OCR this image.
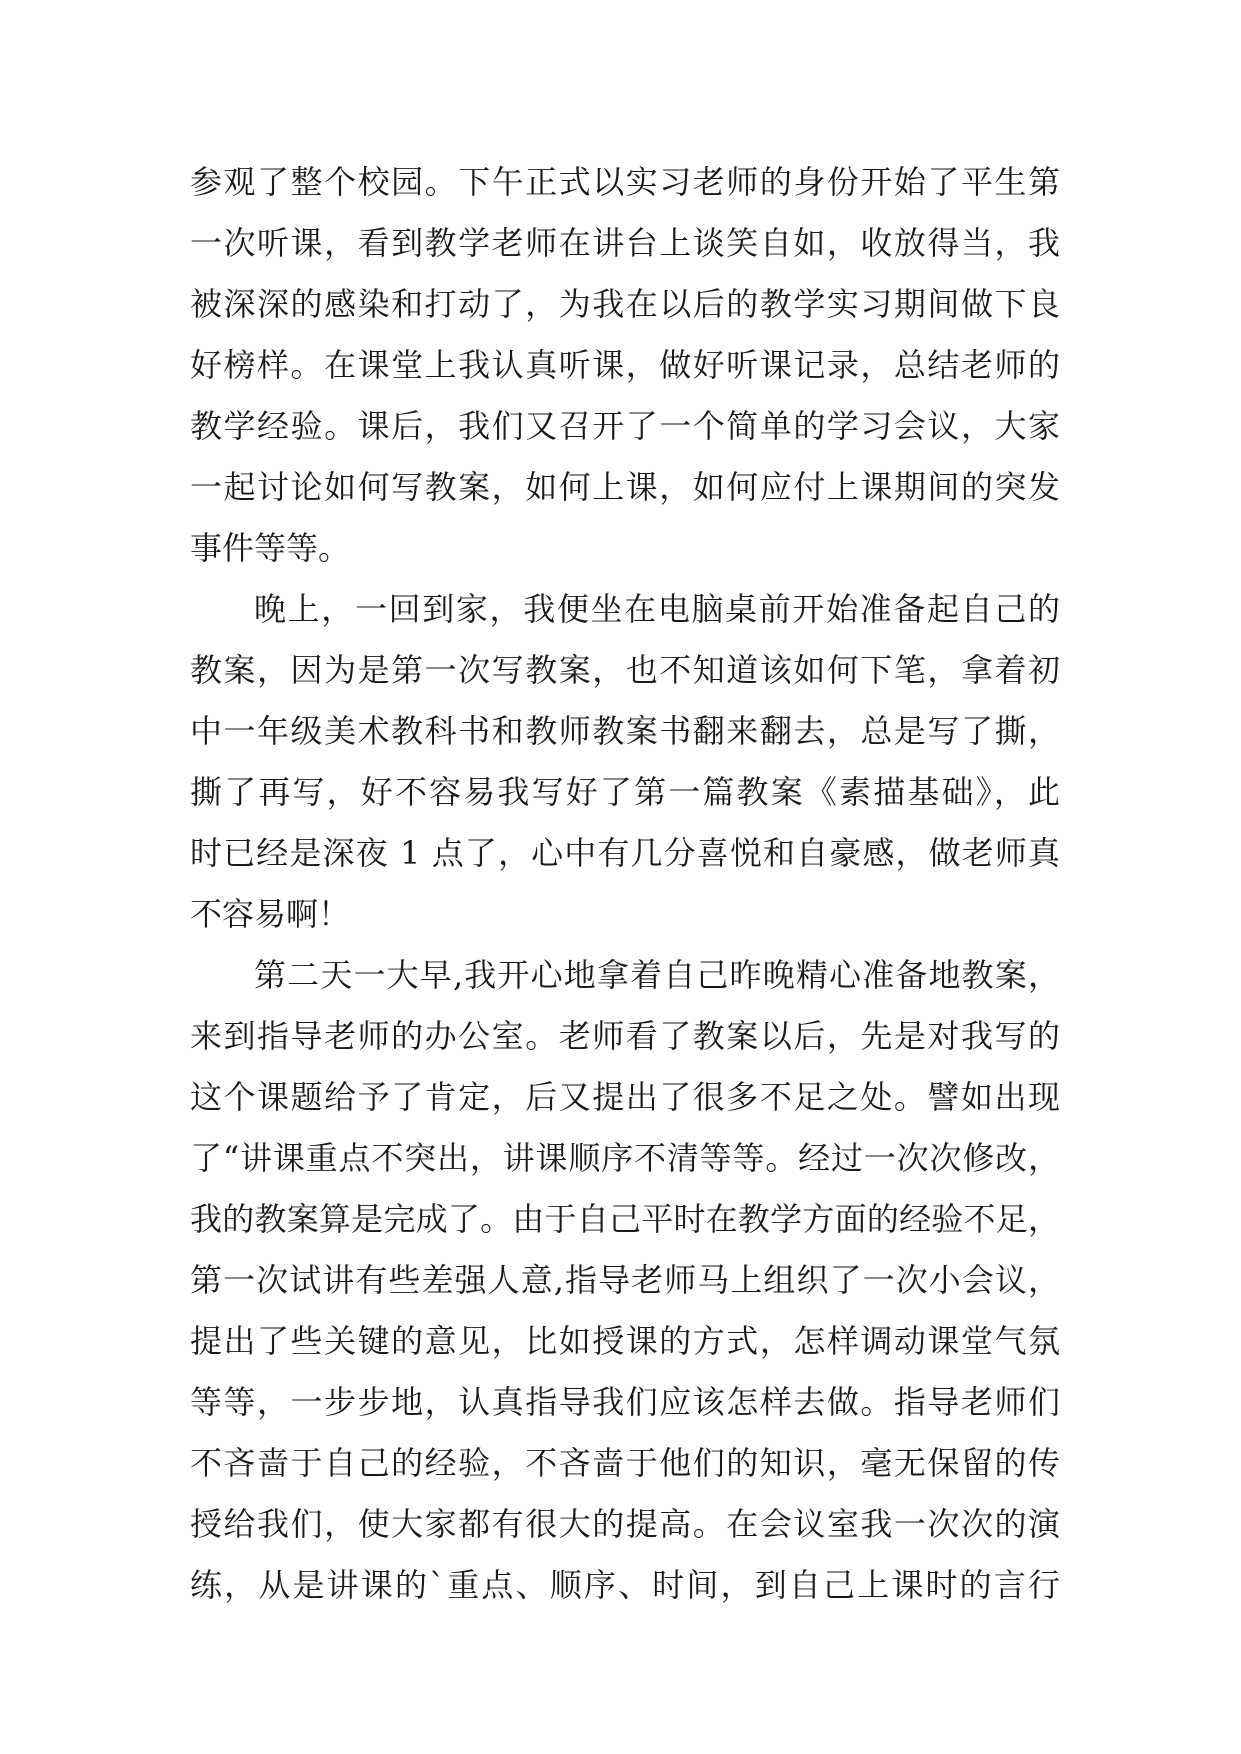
参观了整个校园。下午正式以实习老师的身份开始了平生第
一次听课，看到教学老师在讲台上谈笑自如，收放得当，我
被深深的感染和打动了，为我在以后的教学实习期间做下良
好榜样。在课堂上我认真听课，做好听课记录，总结老师的
教学经验。课后，我们又召开了一个简单的学习会议，大家
一起讨论如何写教案，如何上课，如何应付上课期间的突发
事件等等。
晚上，一回到家，我便坐在电脑桌前开始准备起自己的
教案，因为是第一次写教案，也不知道该如何下笔，拿着初
中一年级美术教科书和教师教案书翻来翻去，总是写了撕，
撕了再写，好不容易我写好了第一篇教案《素描基础》，此
时已经是深夜 1 点了，心中有几分喜悦和自豪感，做老师真
不容易啊！
第二天一大早,我开心地拿着自己昨晚精心准备地教案，
来到指导老师的办公室。老师看了教案以后，先是对我写的
这个课题给予了肯定，后又提出了很多不足之处。譬如出现
了“讲课重点不突出，讲课顺序不清等等。经过一次次修改，
我的教案算是完成了。由于自己平时在教学方面的经验不足，
第一次试讲有些差强人意,指导老师马上组织了一次小会议，
提出了些关键的意见，比如授课的方式，怎样调动课堂气氛
等等，一步步地，认真指导我们应该怎样去做。指导老师们
不吝啬于自己的经验，不吝啬于他们的知识，毫无保留的传
授给我们，使大家都有很大的提高。在会议室我一次次的演
练，从是讲课的`重点、顺序、时间，到自己上课时的言行
